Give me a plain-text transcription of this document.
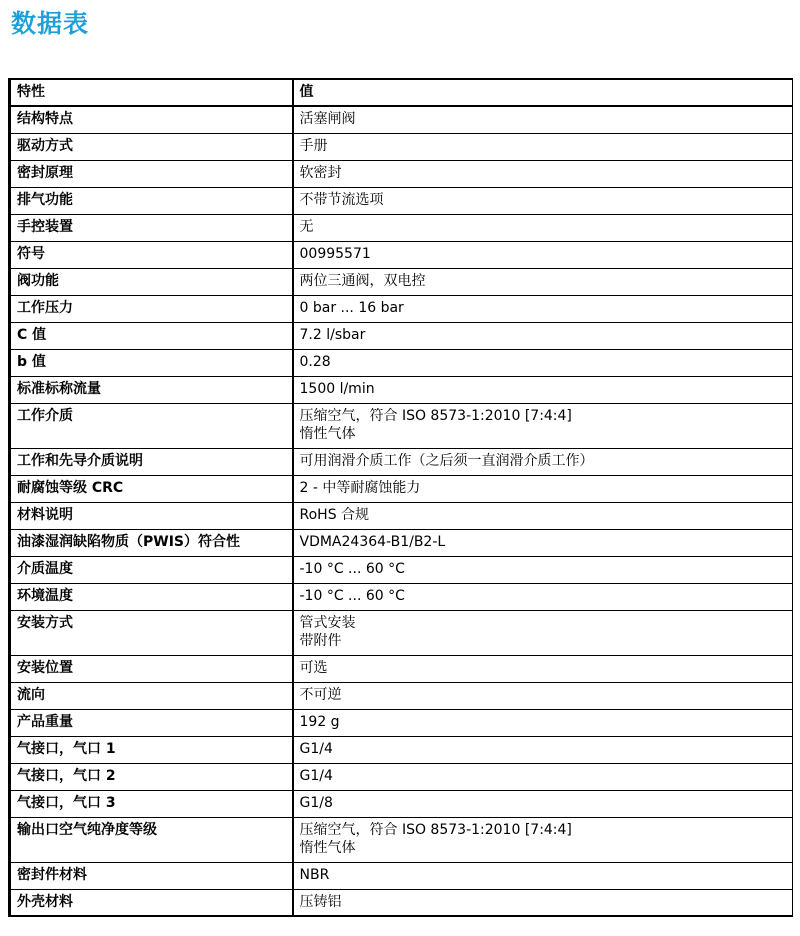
数据表
特性	值
结构特点	活塞闸阀

驱动方式	手册

密封原理	软密封

排气功能	不带节流选项

手控装置	无

符号	00995571

阀功能	两位三通阀，双电控

工作压力	0 bar ... 16 bar

C 值	7.2 l/sbar

b 值	0.28

标准标称流量	1500 l/min

工作介质	压缩空气，符合 ISO 8573-1:2010 [7:4:4]
惰性气体

工作和先导介质说明	可用润滑介质工作（之后须一直润滑介质工作）

耐腐蚀等级 CRC	2 - 中等耐腐蚀能力

材料说明	RoHS 合规

油漆湿润缺陷物质（PWIS）符合性	VDMA24364-B1/B2-L

介质温度	-10 °C ... 60 °C

环境温度	-10 °C ... 60 °C

安装方式	管式安装
带附件

安装位置	可选

流向	不可逆

产品重量	192 g

气接口，气口 1	G1/4

气接口，气口 2	G1/4

气接口，气口 3	G1/8

输出口空气纯净度等级	压缩空气，符合 ISO 8573-1:2010 [7:4:4]
惰性气体

密封件材料	NBR

外壳材料	压铸铝
